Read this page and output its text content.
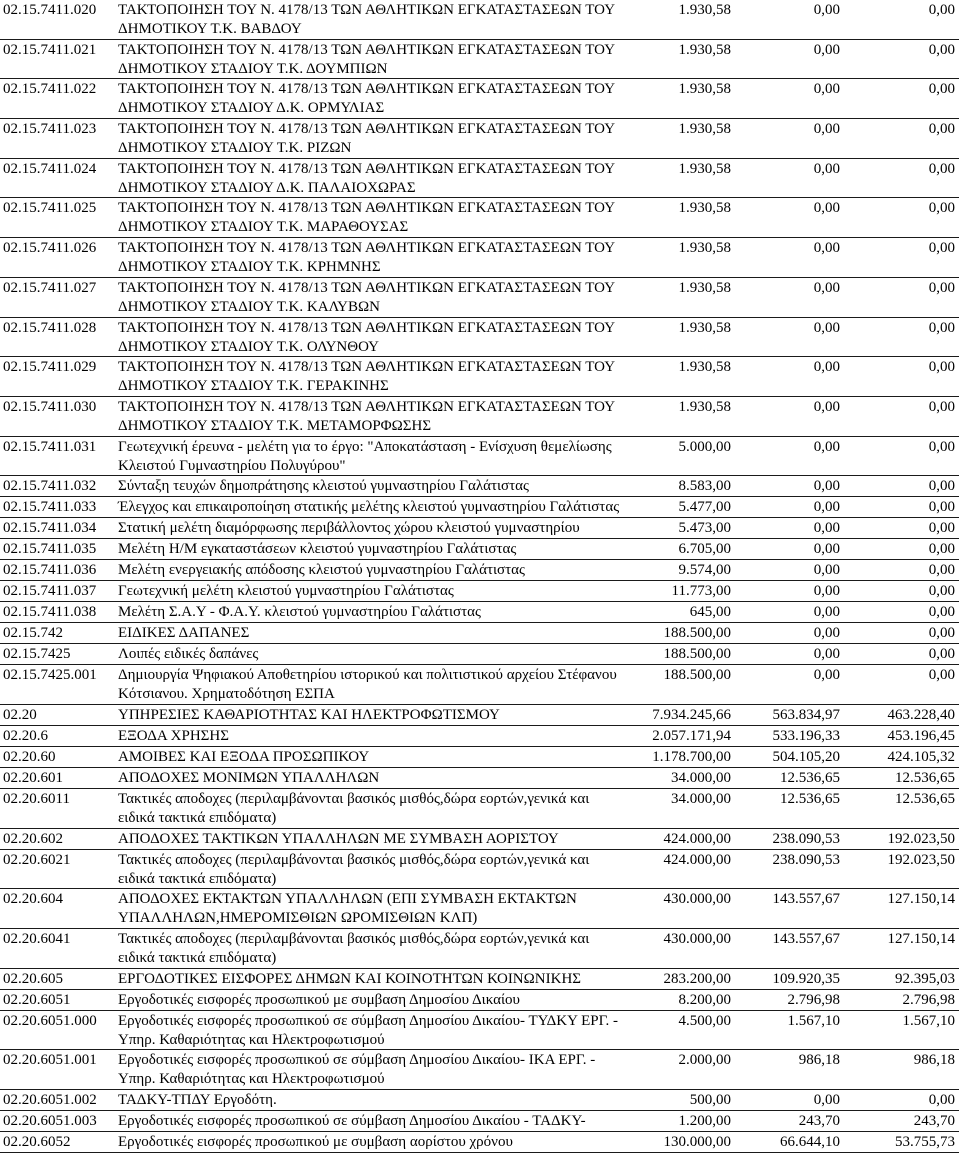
02.15.7411.020	ΤΑΚΤΟΠΟΙΗΣΗ ΤΟΥ Ν. 4178/13 ΤΩΝ ΑΘΛΗΤΙΚΩΝ ΕΓΚΑΤΑΣΤΑΣΕΩΝ ΤΟΥ
ΔΗΜΟΤΙΚΟΥ Τ.Κ. ΒΑΒΔΟΥ
1.930,58	0,00	0,00
02.15.7411.021	ΤΑΚΤΟΠΟΙΗΣΗ ΤΟΥ Ν. 4178/13 ΤΩΝ ΑΘΛΗΤΙΚΩΝ ΕΓΚΑΤΑΣΤΑΣΕΩΝ ΤΟΥ
ΔΗΜΟΤΙΚΟΥ ΣΤΑΔΙΟΥ Τ.Κ. ΔΟΥΜΠΙΩΝ
1.930,58	0,00	0,00
02.15.7411.022	ΤΑΚΤΟΠΟΙΗΣΗ ΤΟΥ Ν. 4178/13 ΤΩΝ ΑΘΛΗΤΙΚΩΝ ΕΓΚΑΤΑΣΤΑΣΕΩΝ ΤΟΥ
ΔΗΜΟΤΙΚΟΥ ΣΤΑΔΙΟΥ Δ.Κ. ΟΡΜΥΛΙΑΣ
1.930,58	0,00	0,00
02.15.7411.023	ΤΑΚΤΟΠΟΙΗΣΗ ΤΟΥ Ν. 4178/13 ΤΩΝ ΑΘΛΗΤΙΚΩΝ ΕΓΚΑΤΑΣΤΑΣΕΩΝ ΤΟΥ
ΔΗΜΟΤΙΚΟΥ ΣΤΑΔΙΟΥ Τ.Κ. ΡΙΖΩΝ
1.930,58	0,00	0,00
02.15.7411.024	ΤΑΚΤΟΠΟΙΗΣΗ ΤΟΥ Ν. 4178/13 ΤΩΝ ΑΘΛΗΤΙΚΩΝ ΕΓΚΑΤΑΣΤΑΣΕΩΝ ΤΟΥ
ΔΗΜΟΤΙΚΟΥ ΣΤΑΔΙΟΥ Δ.Κ. ΠΑΛΑΙΟΧΩΡΑΣ
1.930,58	0,00	0,00
02.15.7411.025	ΤΑΚΤΟΠΟΙΗΣΗ ΤΟΥ Ν. 4178/13 ΤΩΝ ΑΘΛΗΤΙΚΩΝ ΕΓΚΑΤΑΣΤΑΣΕΩΝ ΤΟΥ
ΔΗΜΟΤΙΚΟΥ ΣΤΑΔΙΟΥ Τ.Κ. ΜΑΡΑΘΟΥΣΑΣ
1.930,58	0,00	0,00
02.15.7411.026	ΤΑΚΤΟΠΟΙΗΣΗ ΤΟΥ Ν. 4178/13 ΤΩΝ ΑΘΛΗΤΙΚΩΝ ΕΓΚΑΤΑΣΤΑΣΕΩΝ ΤΟΥ
ΔΗΜΟΤΙΚΟΥ ΣΤΑΔΙΟΥ Τ.Κ. ΚΡΗΜΝΗΣ
1.930,58	0,00	0,00
02.15.7411.027	ΤΑΚΤΟΠΟΙΗΣΗ ΤΟΥ Ν. 4178/13 ΤΩΝ ΑΘΛΗΤΙΚΩΝ ΕΓΚΑΤΑΣΤΑΣΕΩΝ ΤΟΥ
ΔΗΜΟΤΙΚΟΥ ΣΤΑΔΙΟΥ Τ.Κ. ΚΑΛΥΒΩΝ
1.930,58	0,00	0,00
02.15.7411.028	ΤΑΚΤΟΠΟΙΗΣΗ ΤΟΥ Ν. 4178/13 ΤΩΝ ΑΘΛΗΤΙΚΩΝ ΕΓΚΑΤΑΣΤΑΣΕΩΝ ΤΟΥ
ΔΗΜΟΤΙΚΟΥ ΣΤΑΔΙΟΥ Τ.Κ. ΟΛΥΝΘΟΥ
1.930,58	0,00	0,00
02.15.7411.029	ΤΑΚΤΟΠΟΙΗΣΗ ΤΟΥ Ν. 4178/13 ΤΩΝ ΑΘΛΗΤΙΚΩΝ ΕΓΚΑΤΑΣΤΑΣΕΩΝ ΤΟΥ
ΔΗΜΟΤΙΚΟΥ ΣΤΑΔΙΟΥ Τ.Κ. ΓΕΡΑΚΙΝΗΣ
1.930,58	0,00	0,00
02.15.7411.030	ΤΑΚΤΟΠΟΙΗΣΗ ΤΟΥ Ν. 4178/13 ΤΩΝ ΑΘΛΗΤΙΚΩΝ ΕΓΚΑΤΑΣΤΑΣΕΩΝ ΤΟΥ
ΔΗΜΟΤΙΚΟΥ ΣΤΑΔΙΟΥ Τ.Κ. ΜΕΤΑΜΟΡΦΩΣΗΣ
1.930,58	0,00	0,00
02.15.7411.031	Γεωτεχνική έρευνα - μελέτη για το έργο: "Αποκατάσταση - Ενίσχυση θεμελίωσης
Κλειστού Γυμναστηρίου Πολυγύρου"
5.000,00	0,00	0,00
02.15.7411.032	Σύνταξη τευχών δημοπράτησης κλειστού γυμναστηρίου Γαλάτιστας	8.583,00	0,00	0,00
02.15.7411.033	Έλεγχος και επικαιροποίηση στατικής μελέτης κλειστού γυμναστηρίου Γαλάτιστας	5.477,00	0,00	0,00
02.15.7411.034	Στατική μελέτη διαμόρφωσης περιβάλλοντος χώρου κλειστού γυμναστηρίου	5.473,00	0,00	0,00
02.15.7411.035	Μελέτη Η/Μ εγκαταστάσεων κλειστού γυμναστηρίου Γαλάτιστας	6.705,00	0,00	0,00
02.15.7411.036	Μελέτη ενεργειακής απόδοσης κλειστού γυμναστηρίου Γαλάτιστας	9.574,00	0,00	0,00
02.15.7411.037	Γεωτεχνική μελέτη κλειστού γυμναστηρίου Γαλάτιστας	11.773,00	0,00	0,00
02.15.7411.038	Μελέτη Σ.Α.Υ - Φ.Α.Υ. κλειστού γυμναστηρίου Γαλάτιστας	645,00	0,00	0,00
02.15.742	ΕΙΔΙΚΕΣ ΔΑΠΑΝΕΣ	188.500,00	0,00	0,00
02.15.7425	Λοιπές ειδικές δαπάνες	188.500,00	0,00	0,00
02.15.7425.001	Δημιουργία Ψηφιακού Αποθετηρίου ιστορικού και πολιτιστικού αρχείου Στέφανου
Κότσιανου. Χρηματοδότηση ΕΣΠΑ
188.500,00	0,00	0,00
02.20	ΥΠΗΡΕΣΙΕΣ ΚΑΘΑΡΙΟΤΗΤΑΣ ΚΑΙ ΗΛΕΚΤΡΟΦΩΤΙΣΜΟΥ	7.934.245,66	563.834,97	463.228,40
02.20.6	ΕΞΟΔΑ ΧΡΗΣΗΣ	2.057.171,94	533.196,33	453.196,45
02.20.60	ΑΜΟΙΒΕΣ ΚΑΙ ΕΞΟΔΑ ΠΡΟΣΩΠΙΚΟΥ	1.178.700,00	504.105,20	424.105,32
02.20.601	ΑΠΟΔΟΧΕΣ ΜΟΝΙΜΩΝ ΥΠΑΛΛΗΛΩΝ	34.000,00	12.536,65	12.536,65
02.20.6011	Τακτικές αποδοχες (περιλαμβάνονται βασικός μισθός,δώρα εορτών,γενικά και
ειδικά τακτικά επιδόματα)
34.000,00	12.536,65	12.536,65
02.20.602	ΑΠΟΔΟΧΕΣ ΤΑΚΤΙΚΩΝ ΥΠΑΛΛΗΛΩΝ ΜΕ ΣΥΜΒΑΣΗ ΑΟΡΙΣΤΟΥ	424.000,00	238.090,53	192.023,50
02.20.6021	Τακτικές αποδοχες (περιλαμβάνονται βασικός μισθός,δώρα εορτών,γενικά και
ειδικά τακτικά επιδόματα)
424.000,00	238.090,53	192.023,50
02.20.604	ΑΠΟΔΟΧΕΣ ΕΚΤΑΚΤΩΝ ΥΠΑΛΛΗΛΩΝ (ΕΠΙ ΣΥΜΒΑΣΗ ΕΚΤΑΚΤΩΝ
ΥΠΑΛΛΗΛΩΝ,ΗΜΕΡΟΜΙΣΘΙΩΝ ΩΡΟΜΙΣΘΙΩΝ ΚΛΠ)
430.000,00	143.557,67	127.150,14
02.20.6041	Τακτικές αποδοχες (περιλαμβάνονται βασικός μισθός,δώρα εορτών,γενικά και
ειδικά τακτικά επιδόματα)
430.000,00	143.557,67	127.150,14
02.20.605	ΕΡΓΟΔΟΤΙΚΕΣ ΕΙΣΦΟΡΕΣ ΔΗΜΩΝ ΚΑΙ ΚΟΙΝΟΤΗΤΩΝ ΚΟΙΝΩΝΙΚΗΣ	283.200,00	109.920,35	92.395,03
02.20.6051	Εργοδοτικές εισφορές προσωπικού με συμβαση Δημοσίου Δικαίου	8.200,00	2.796,98	2.796,98
02.20.6051.000	Εργοδοτικές εισφορές προσωπικού σε σύμβαση Δημοσίου Δικαίου- ΤΥΔΚΥ ΕΡΓ. -
Υπηρ. Καθαριότητας και Ηλεκτροφωτισμού
4.500,00	1.567,10	1.567,10
02.20.6051.001	Εργοδοτικές εισφορές προσωπικού σε σύμβαση Δημοσίου Δικαίου- ΙΚΑ ΕΡΓ. -
Υπηρ. Καθαριότητας και Ηλεκτροφωτισμού
2.000,00	986,18	986,18
02.20.6051.002	ΤΑΔΚΥ-ΤΠΔΥ Εργοδότη.	500,00	0,00	0,00
02.20.6051.003	Εργοδοτικές εισφορές προσωπικού σε σύμβαση Δημοσίου Δικαίου - ΤΑΔΚΥ-	1.200,00	243,70	243,70
02.20.6052	Εργοδοτικές εισφορές προσωπικού με συμβαση αορίστου χρόνου	130.000,00	66.644,10	53.755,73
